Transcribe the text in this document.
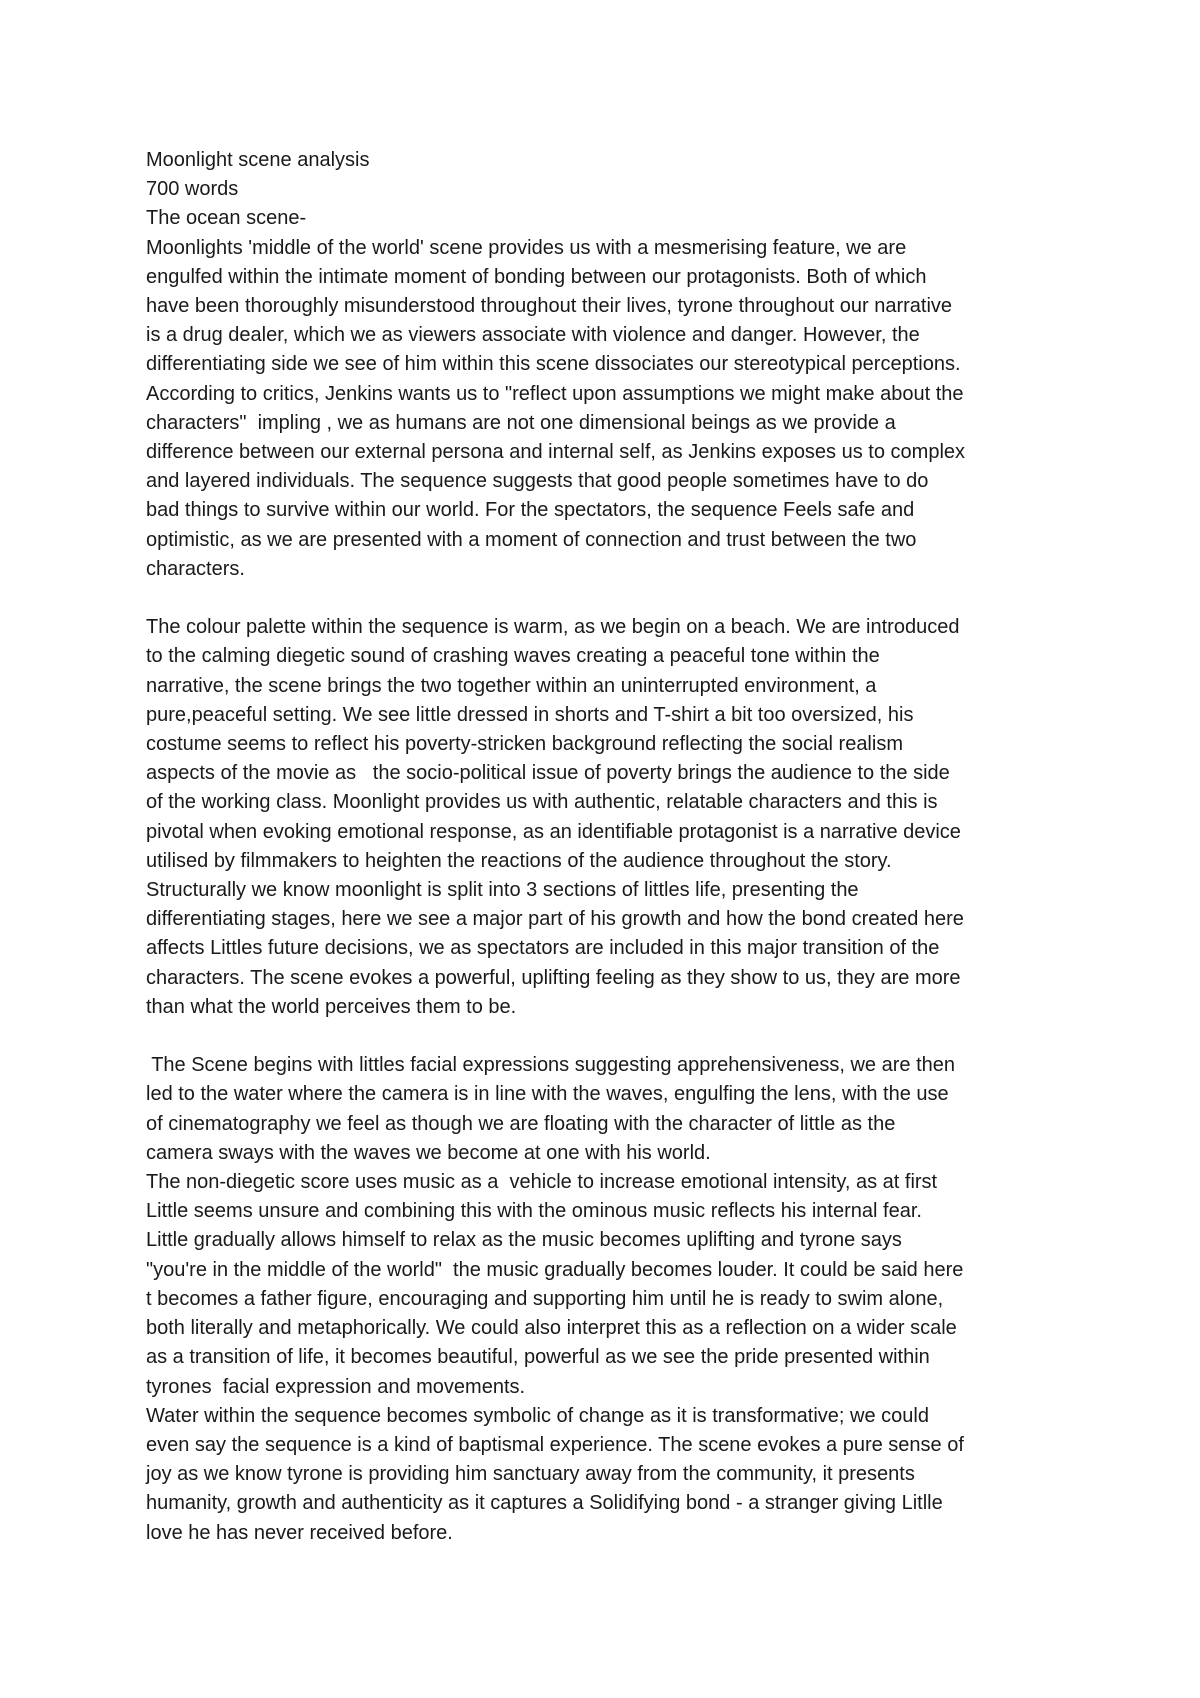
Moonlight scene analysis

700 words

The ocean scene-

Moonlights 'middle of the world' scene provides us with a mesmerising feature, we are

engulfed within the intimate moment of bonding between our protagonists. Both of which

have been thoroughly misunderstood throughout their lives, tyrone throughout our narrative

is a drug dealer, which we as viewers associate with violence and danger. However, the

differentiating side we see of him within this scene dissociates our stereotypical perceptions.

According to critics, Jenkins wants us to "reflect upon assumptions we might make about the

characters"  impling , we as humans are not one dimensional beings as we provide a

difference between our external persona and internal self, as Jenkins exposes us to complex

and layered individuals. The sequence suggests that good people sometimes have to do

bad things to survive within our world. For the spectators, the sequence Feels safe and

optimistic, as we are presented with a moment of connection and trust between the two

characters.

The colour palette within the sequence is warm, as we begin on a beach. We are introduced

to the calming diegetic sound of crashing waves creating a peaceful tone within the

narrative, the scene brings the two together within an uninterrupted environment, a

pure,peaceful setting. We see little dressed in shorts and T-shirt a bit too oversized, his

costume seems to reflect his poverty-stricken background reflecting the social realism

aspects of the movie as   the socio-political issue of poverty brings the audience to the side

of the working class. Moonlight provides us with authentic, relatable characters and this is

pivotal when evoking emotional response, as an identifiable protagonist is a narrative device

utilised by filmmakers to heighten the reactions of the audience throughout the story.

Structurally we know moonlight is split into 3 sections of littles life, presenting the

differentiating stages, here we see a major part of his growth and how the bond created here

affects Littles future decisions, we as spectators are included in this major transition of the

characters. The scene evokes a powerful, uplifting feeling as they show to us, they are more

than what the world perceives them to be.

The Scene begins with littles facial expressions suggesting apprehensiveness, we are then

led to the water where the camera is in line with the waves, engulfing the lens, with the use

of cinematography we feel as though we are floating with the character of little as the

camera sways with the waves we become at one with his world.

The non-diegetic score uses music as a  vehicle to increase emotional intensity, as at first

Little seems unsure and combining this with the ominous music reflects his internal fear.

Little gradually allows himself to relax as the music becomes uplifting and tyrone says

"you're in the middle of the world"  the music gradually becomes louder. It could be said here

t becomes a father figure, encouraging and supporting him until he is ready to swim alone,

both literally and metaphorically. We could also interpret this as a reflection on a wider scale

as a transition of life, it becomes beautiful, powerful as we see the pride presented within

tyrones  facial expression and movements.

Water within the sequence becomes symbolic of change as it is transformative; we could

even say the sequence is a kind of baptismal experience. The scene evokes a pure sense of

joy as we know tyrone is providing him sanctuary away from the community, it presents

humanity, growth and authenticity as it captures a Solidifying bond - a stranger giving Litlle

love he has never received before.
